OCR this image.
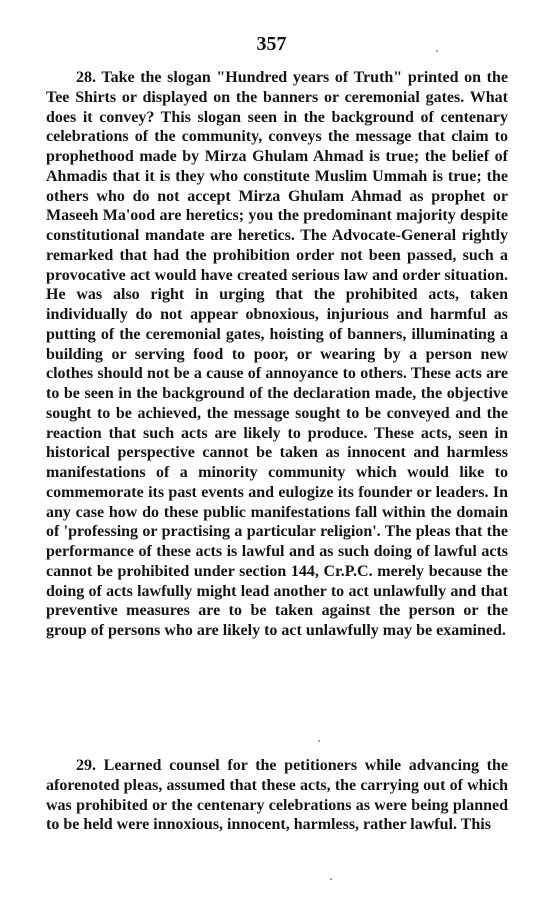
357
28. Take the slogan "Hundred years of Truth" printed on the Tee Shirts or displayed on the banners or ceremonial gates. What does it convey? This slogan seen in the background of centenary celebrations of the community, conveys the message that claim to prophethood made by Mirza Ghulam Ahmad is true; the belief of Ahmadis that it is they who constitute Muslim Ummah is true; the others who do not accept Mirza Ghulam Ahmad as prophet or Maseeh Ma'ood are heretics; you the predominant majority despite constitutional mandate are heretics. The Advocate-General rightly remarked that had the prohibition order not been passed, such a provocative act would have created serious law and order situation. He was also right in urging that the prohibited acts, taken individually do not appear obnoxious, injurious and harmful as putting of the ceremonial gates, hoisting of banners, illuminating a building or serving food to poor, or wearing by a person new clothes should not be a cause of annoyance to others. These acts are to be seen in the background of the declaration made, the objective sought to be achieved, the message sought to be conveyed and the reaction that such acts are likely to produce. These acts, seen in historical perspective cannot be taken as innocent and harmless manifestations of a minority community which would like to commemorate its past events and eulogize its founder or leaders. In any case how do these public manifestations fall within the domain of 'professing or practising a particular religion'. The pleas that the performance of these acts is lawful and as such doing of lawful acts cannot be prohibited under section 144, Cr.P.C. merely because the doing of acts lawfully might lead another to act unlawfully and that preventive measures are to be taken against the person or the group of persons who are likely to act unlawfully may be examined.
29. Learned counsel for the petitioners while advancing the aforenoted pleas, assumed that these acts, the carrying out of which was prohibited or the centenary celebrations as were being planned to be held were innoxious, innocent, harmless, rather lawful. This
